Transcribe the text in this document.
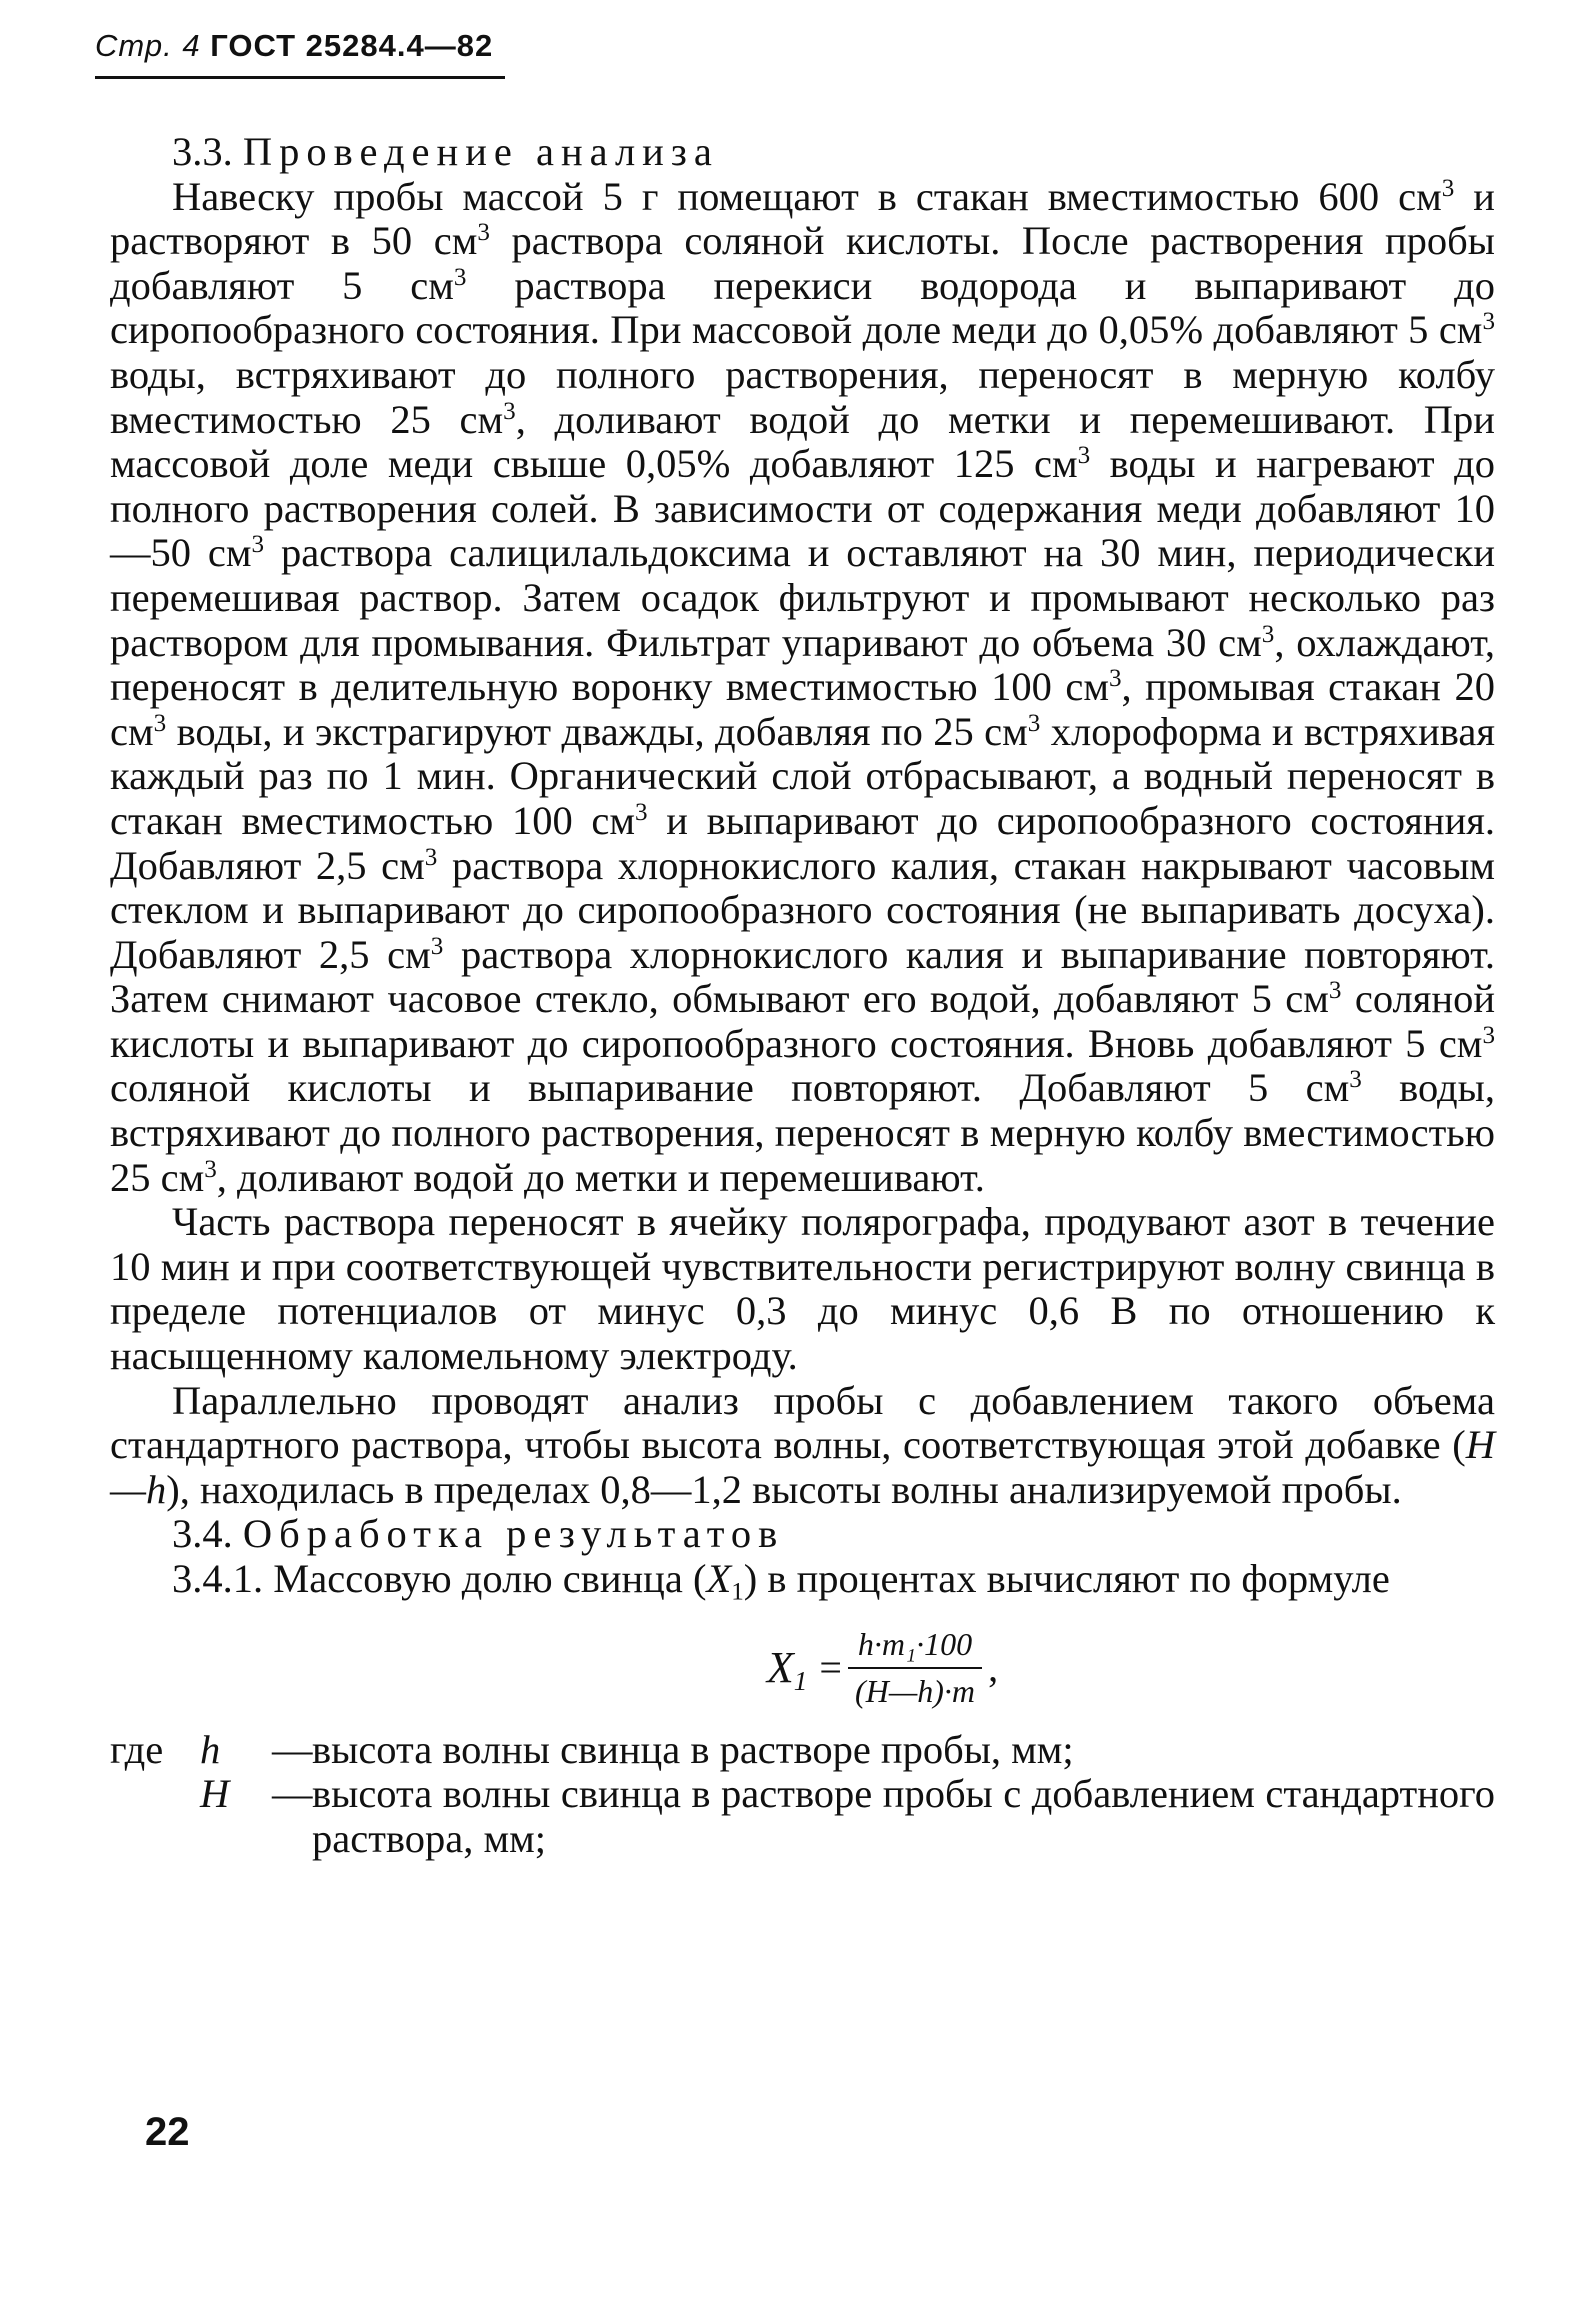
Стр. 4 ГОСТ 25284.4—82

3.3. Проведение анализа

Навеску пробы массой 5 г помещают в стакан вместимостью 600 $см^3$ и растворяют в 50 $см^3$ раствора соляной кислоты. После растворения пробы добавляют 5 $см^3$ раствора перекиси водорода и выпаривают до сиропообразного состояния. При массовой доле меди до 0,05% добавляют 5 $см^3$ воды, встряхивают до полного растворения, переносят в мерную колбу вместимостью 25 $см^3$, доливают водой до метки и перемешивают. При массовой доле меди свыше 0,05% добавляют 125 $см^3$ воды и нагревают до полного растворения солей. В зависимости от содержания меди добавляют 10—50 $см^3$ раствора салицилальдоксима и оставляют на 30 мин, периодически перемешивая раствор. Затем осадок фильтруют и промывают несколько раз раствором для промывания. Фильтрат упаривают до объема 30 $см^3$, охлаждают, переносят в делительную воронку вместимостью 100 $см^3$, промывая стакан 20 $см^3$ воды, и экстрагируют дважды, добавляя по 25 $см^3$ хлороформа и встряхивая каждый раз по 1 мин. Органический слой отбрасывают, а водный переносят в стакан вместимостью 100 $см^3$ и выпаривают до сиропообразного состояния. Добавляют 2,5 $см^3$ раствора хлорнокислого калия, стакан накрывают часовым стеклом и выпаривают до сиропообразного состояния (не выпаривать досуха). Добавляют 2,5 $см^3$ раствора хлорнокислого калия и выпаривание повторяют. Затем снимают часовое стекло, обмывают его водой, добавляют 5 $см^3$ соляной кислоты и выпаривают до сиропообразного состояния. Вновь добавляют 5 $см^3$ соляной кислоты и выпаривание повторяют. Добавляют 5 $см^3$ воды, встряхивают до полного растворения, переносят в мерную колбу вместимостью 25 $см^3$, доливают водой до метки и перемешивают.

Часть раствора переносят в ячейку полярографа, продувают азот в течение 10 мин и при соответствующей чувствительности регистрируют волну свинца в пределе потенциалов от минус 0,3 до минус 0,6 В по отношению к насыщенному каломельному электроду.

Параллельно проводят анализ пробы с добавлением такого объема стандартного раствора, чтобы высота волны, соответствующая этой добавке (H—h), находилась в пределах 0,8—1,2 высоты волны анализируемой пробы.

3.4. Обработка результатов

3.4.1. Массовую долю свинца $(X_1)$ в процентах вычисляют по формуле

$X_1 = \frac{\text{h·m₁·100}}{(H—h)\cdot m}$ ,
где h	— высота волны свинца в растворе пробы, мм;
H	— высота волны свинца в растворе пробы с добавлением стандартного раствора, мм;
22
